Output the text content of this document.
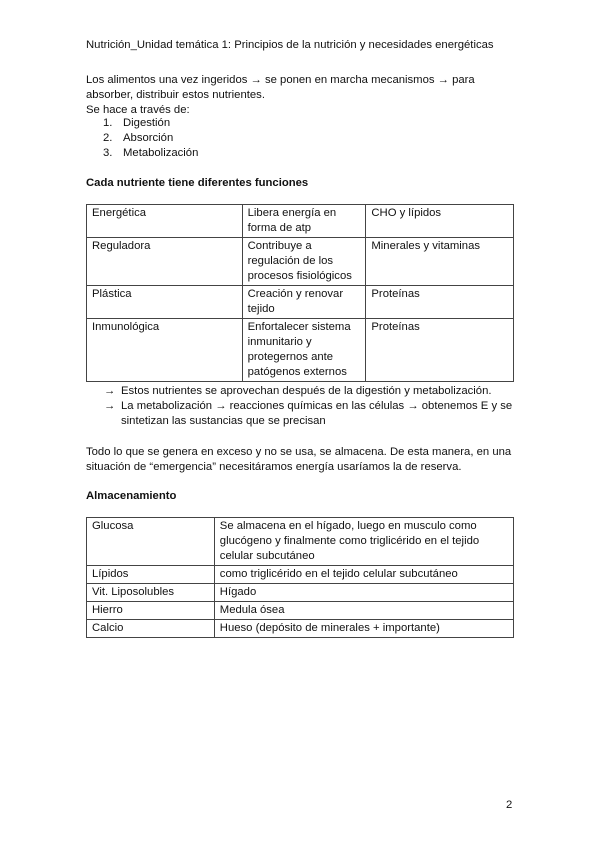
Nutrición_Unidad temática 1: Principios de la nutrición y necesidades energéticas
Los alimentos una vez ingeridos → se ponen en marcha mecanismos → para
absorber, distribuir estos nutrientes.
Se hace a través de:
1. Digestión
2. Absorción
3. Metabolización
Cada nutriente tiene diferentes funciones
Energética	Libera energía en forma de atp	CHO y lípidos
Reguladora	Contribuye a regulación de los procesos fisiológicos	Minerales y vitaminas
Plástica	Creación y renovar tejido	Proteínas
Inmunológica	Enfortalecer sistema inmunitario y protegernos ante patógenos externos	Proteínas
→ Estos nutrientes se aprovechan después de la digestión y metabolización.
→ La metabolización → reacciones químicas en las células → obtenemos E y se sintetizan las sustancias que se precisan
Todo lo que se genera en exceso y no se usa, se almacena. De esta manera, en una situación de “emergencia” necesitáramos energía usaríamos la de reserva.
Almacenamiento
Glucosa	Se almacena en el hígado, luego en musculo como glucógeno y finalmente como triglicérido en el tejido celular subcutáneo
Lípidos	como triglicérido en el tejido celular subcutáneo
Vit. Liposolubles	Hígado
Hierro	Medula ósea
Calcio	Hueso (depósito de minerales + importante)
2
